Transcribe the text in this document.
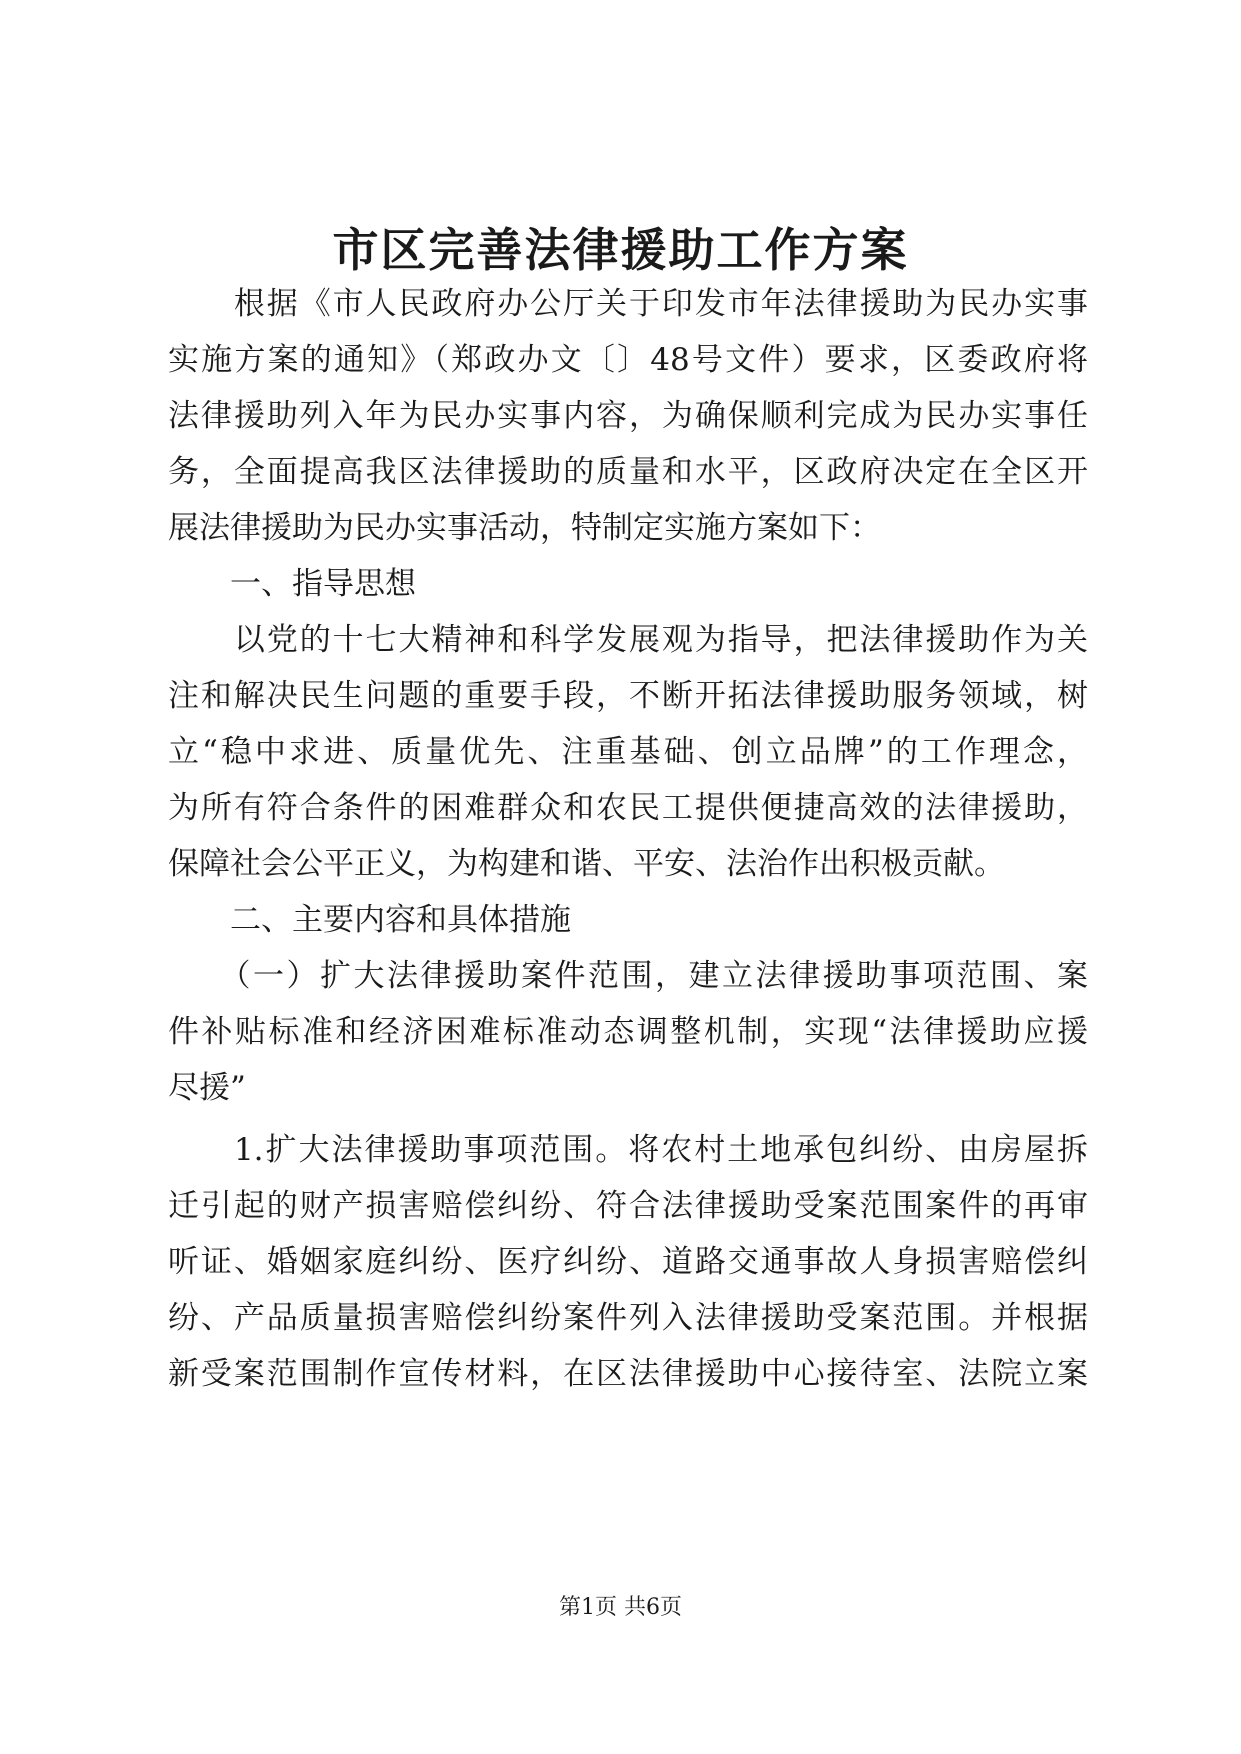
市区完善法律援助工作方案

　　根据《市人民政府办公厅关于印发市年法律援助为民办实事

实施方案的通知》（郑政办文〔〕48号文件）要求，区委政府将

法律援助列入年为民办实事内容，为确保顺利完成为民办实事任

务，全面提高我区法律援助的质量和水平，区政府决定在全区开

展法律援助为民办实事活动，特制定实施方案如下：

　　一、指导思想

　　以党的十七大精神和科学发展观为指导，把法律援助作为关

注和解决民生问题的重要手段，不断开拓法律援助服务领域，树

立“稳中求进、质量优先、注重基础、创立品牌”的工作理念，

为所有符合条件的困难群众和农民工提供便捷高效的法律援助，

保障社会公平正义，为构建和谐、平安、法治作出积极贡献。

　　二、主要内容和具体措施

　　（一）扩大法律援助案件范围，建立法律援助事项范围、案

件补贴标准和经济困难标准动态调整机制，实现“法律援助应援

尽援”

　　1.扩大法律援助事项范围。将农村土地承包纠纷、由房屋拆

迁引起的财产损害赔偿纠纷、符合法律援助受案范围案件的再审

听证、婚姻家庭纠纷、医疗纠纷、道路交通事故人身损害赔偿纠

纷、产品质量损害赔偿纠纷案件列入法律援助受案范围。并根据

新受案范围制作宣传材料，在区法律援助中心接待室、法院立案

第1页 共6页
